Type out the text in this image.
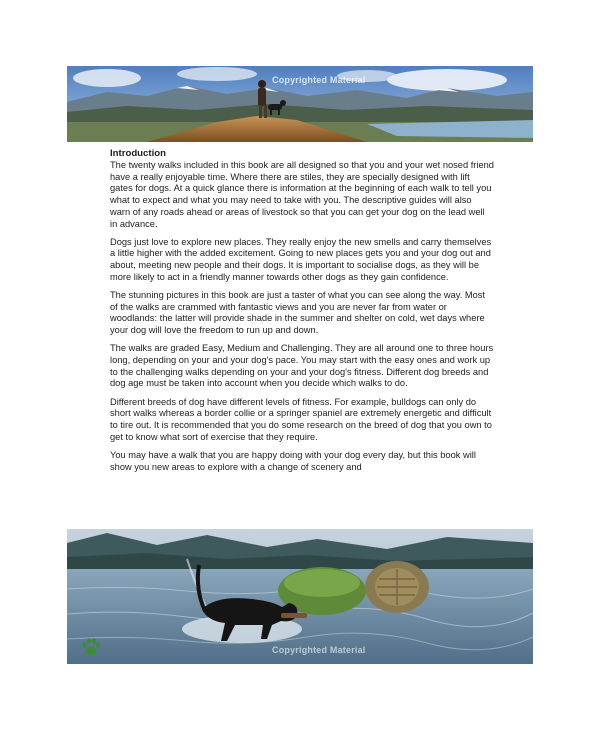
Copyrighted Material

Introduction

The twenty walks included in this book are all designed so that you and your wet nosed friend have a really enjoyable time. Where there are stiles, they are specially designed with lift gates for dogs. At a quick glance there is information at the beginning of each walk to tell you what to expect and what you may need to take with you. The descriptive guides will also warn of any roads ahead or areas of livestock so that you can get your dog on the lead well in advance.

Dogs just love to explore new places. They really enjoy the new smells and carry themselves a little higher with the added excitement. Going to new places gets you and your dog out and about, meeting new people and their dogs. It is important to socialise dogs, as they will be more likely to act in a friendly manner towards other dogs as they gain confidence.

The stunning pictures in this book are just a taster of what you can see along the way. Most of the walks are crammed with fantastic views and you are never far from water or woodlands: the latter will provide shade in the summer and shelter on cold, wet days where your dog will love the freedom to run up and down.

The walks are graded Easy, Medium and Challenging. They are all around one to three hours long, depending on your and your dog's pace. You may start with the easy ones and work up to the challenging walks depending on your and your dog's fitness. Different dog breeds and dog age must be taken into account when you decide which walks to do.

Different breeds of dog have different levels of fitness. For example, bulldogs can only do short walks whereas a border collie or a springer spaniel are extremely energetic and difficult to tire out. It is recommended that you do some research on the breed of dog that you own to get to know what sort of exercise that they require.

You may have a walk that you are happy doing with your dog every day, but this book will show you new areas to explore with a change of scenery and

Copyrighted Material
